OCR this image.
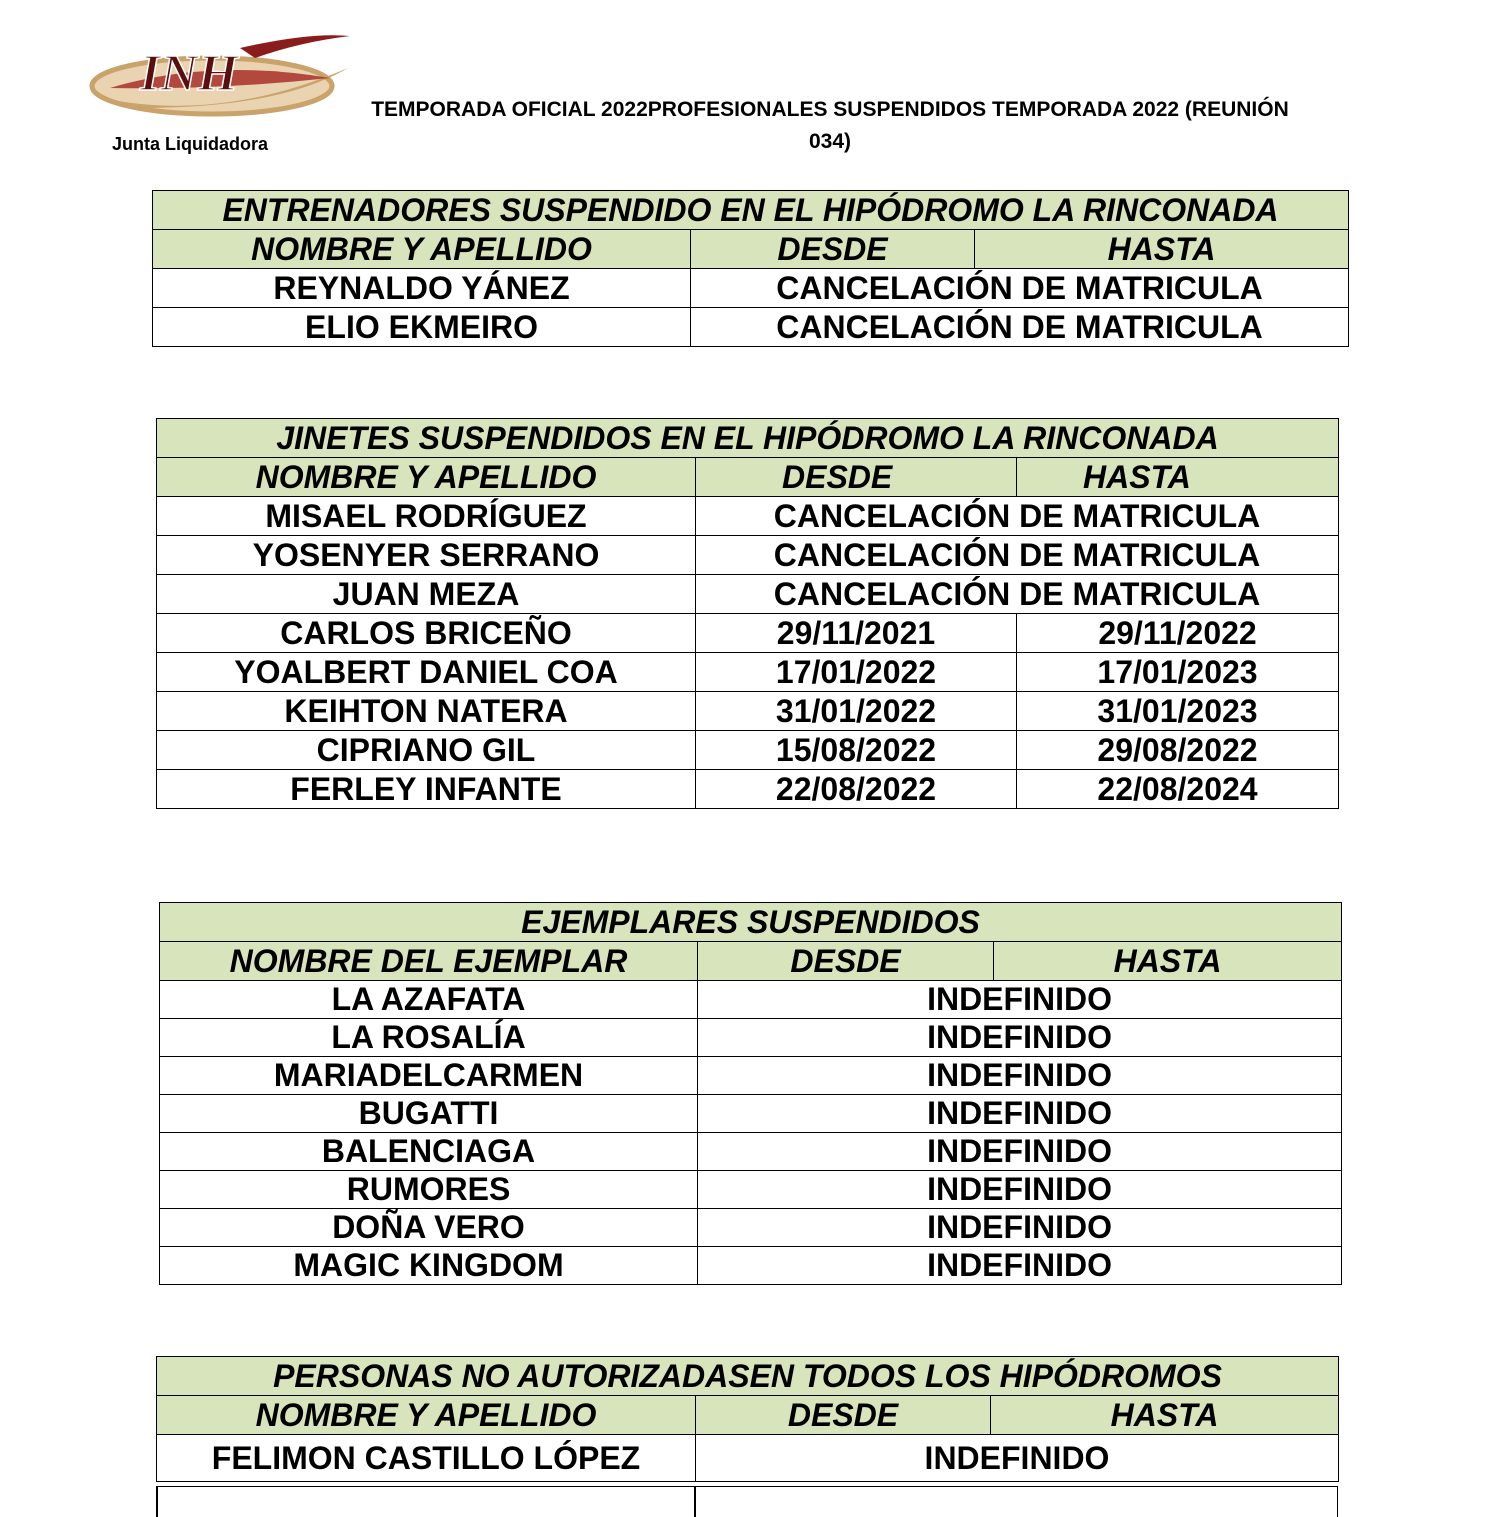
INH
Junta Liquidadora
TEMPORADA OFICIAL 2022PROFESIONALES SUSPENDIDOS TEMPORADA 2022 (REUNIÓN 034)
ENTRENADORES SUSPENDIDO EN EL HIPÓDROMO LA RINCONADA		
NOMBRE Y APELLIDO	DESDE	HASTA
REYNALDO YÁNEZ	CANCELACIÓN DE MATRICULA	
ELIO EKMEIRO	CANCELACIÓN DE MATRICULA	
JINETES SUSPENDIDOS EN EL HIPÓDROMO LA RINCONADA		
NOMBRE Y APELLIDO	DESDE	HASTA
MISAEL RODRÍGUEZ	CANCELACIÓN DE MATRICULA	
YOSENYER SERRANO	CANCELACIÓN DE MATRICULA	
JUAN MEZA	CANCELACIÓN DE MATRICULA	
CARLOS BRICEÑO	29/11/2021	29/11/2022
YOALBERT DANIEL COA	17/01/2022	17/01/2023
KEIHTON NATERA	31/01/2022	31/01/2023
CIPRIANO GIL	15/08/2022	29/08/2022
FERLEY INFANTE	22/08/2022	22/08/2024
EJEMPLARES SUSPENDIDOS		
NOMBRE DEL EJEMPLAR	DESDE	HASTA
LA AZAFATA	INDEFINIDO	
LA ROSALÍA	INDEFINIDO	
MARIADELCARMEN	INDEFINIDO	
BUGATTI	INDEFINIDO	
BALENCIAGA	INDEFINIDO	
RUMORES	INDEFINIDO	
DOÑA VERO	INDEFINIDO	
MAGIC KINGDOM	INDEFINIDO	
PERSONAS NO AUTORIZADASEN TODOS LOS HIPÓDROMOS		
NOMBRE Y APELLIDO	DESDE	HASTA
FELIMON CASTILLO LÓPEZ	INDEFINIDO	
